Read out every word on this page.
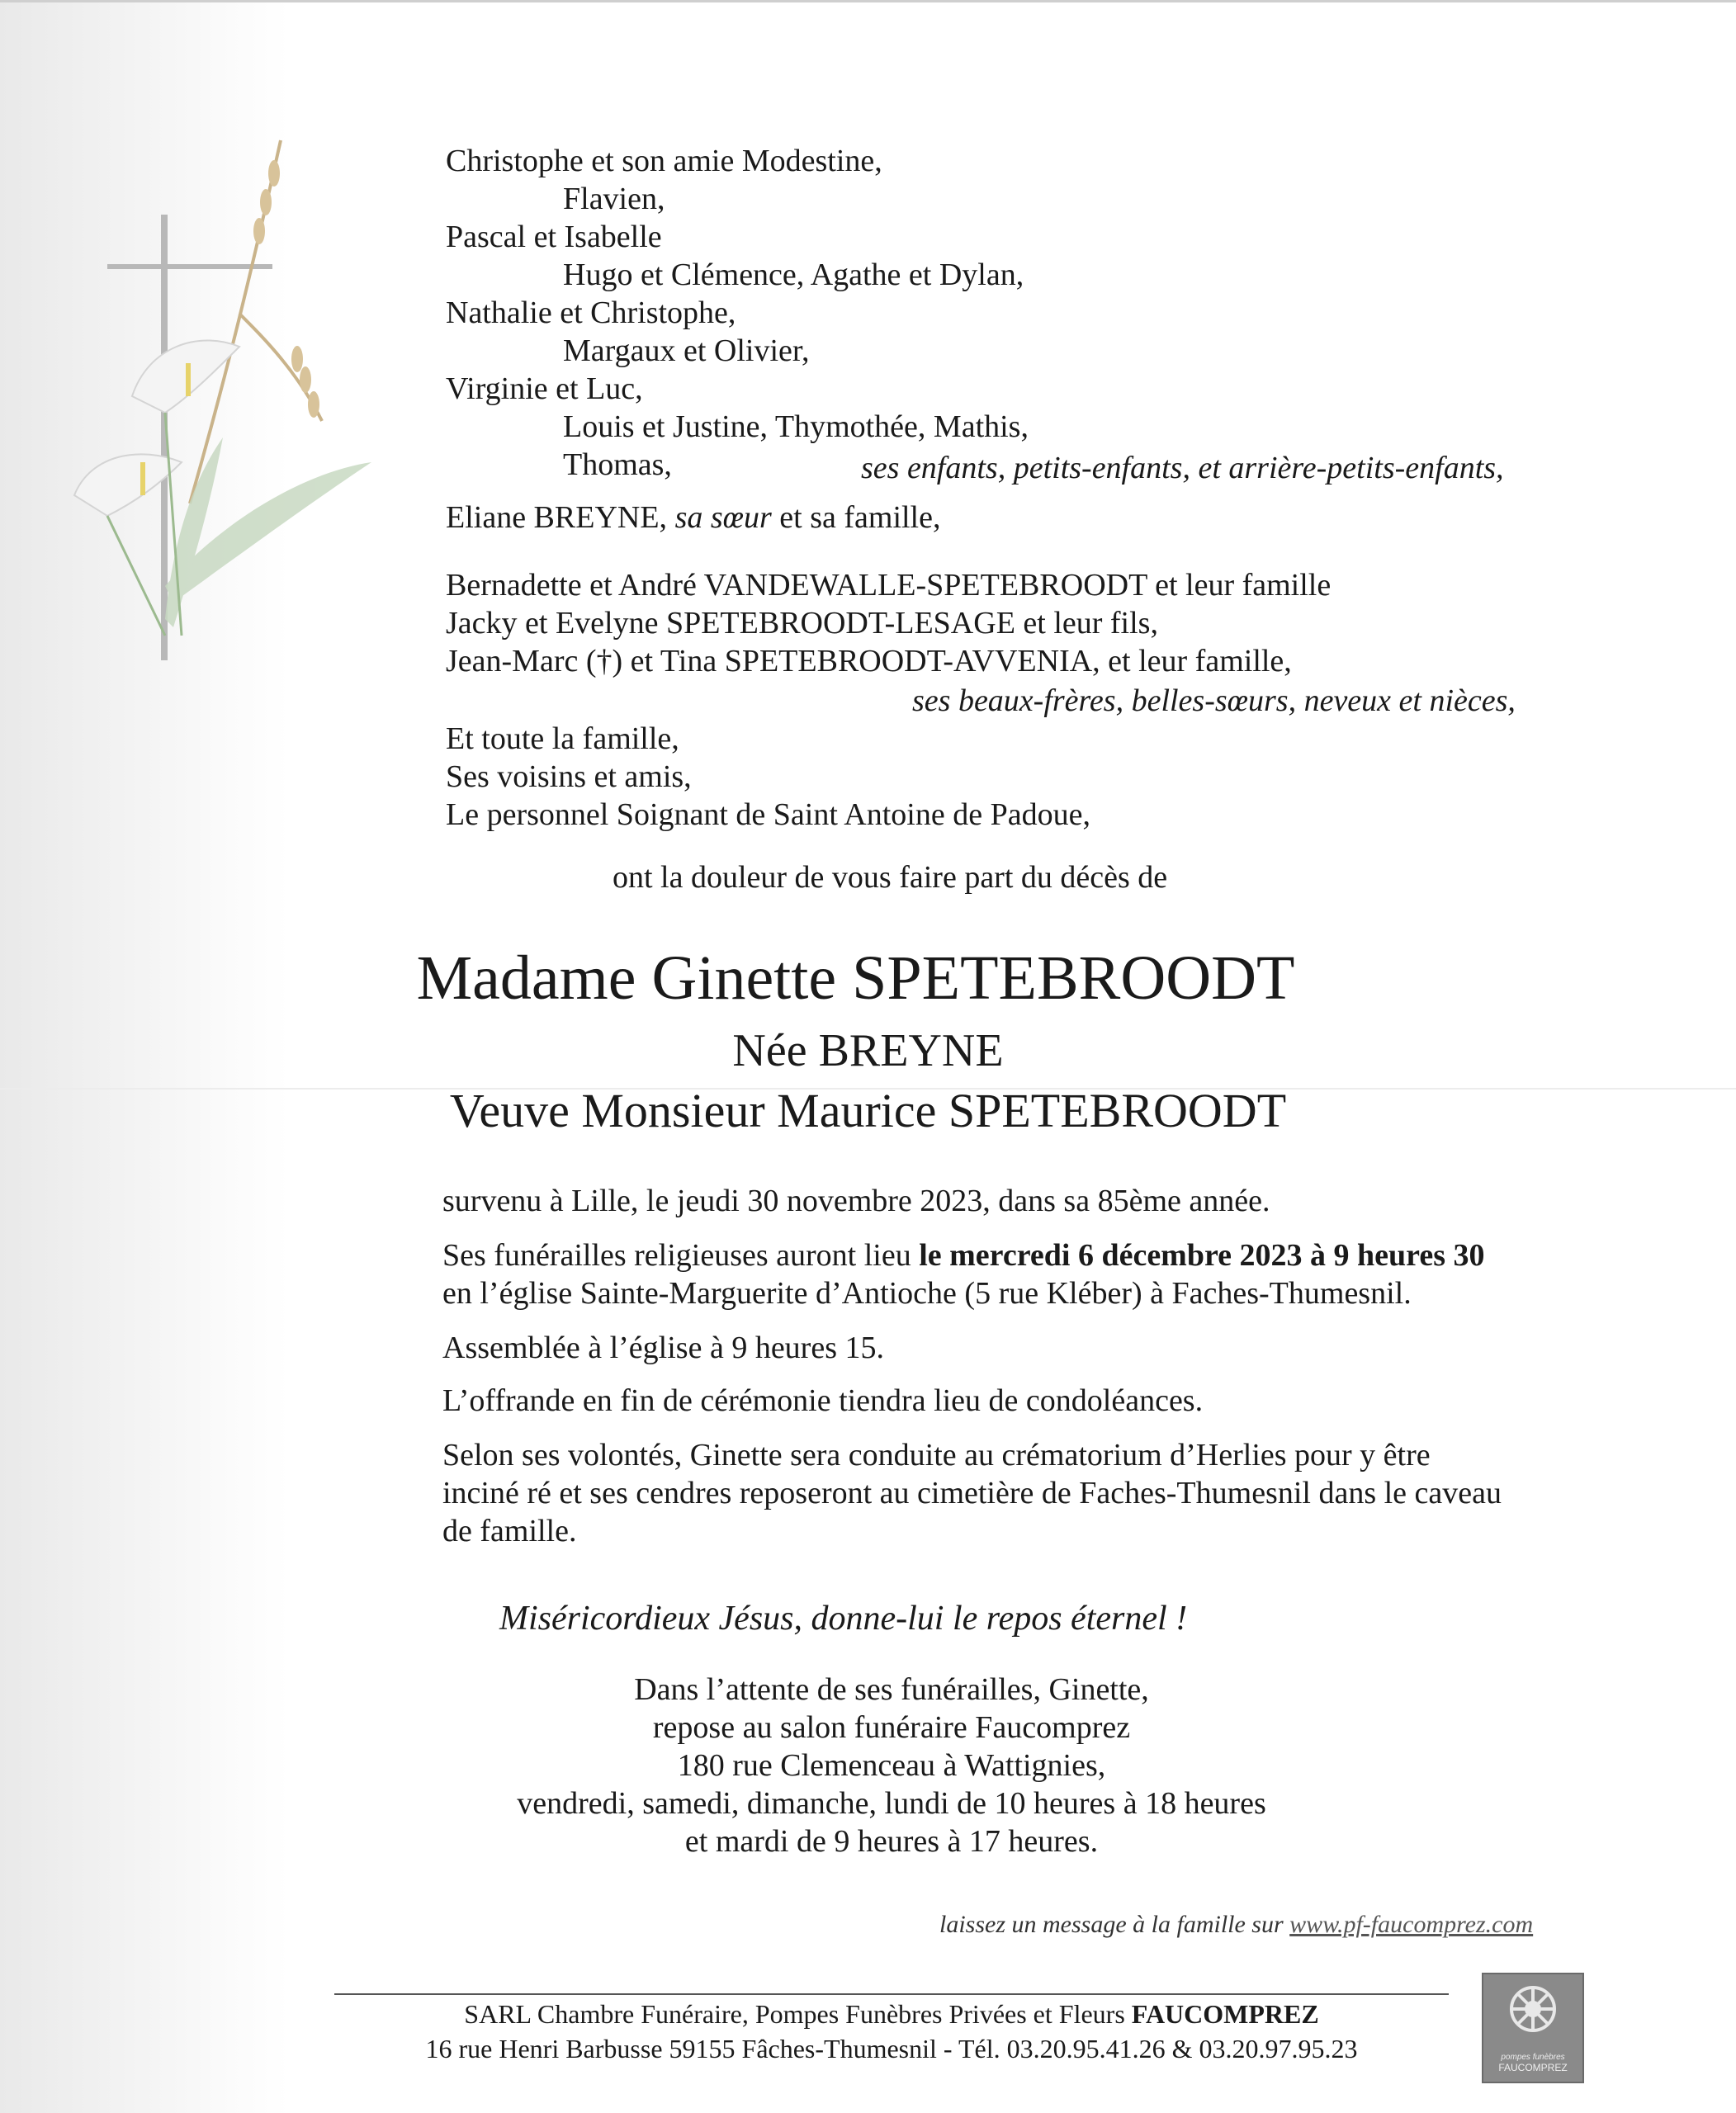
Christophe et son amie Modestine,
Flavien,
Pascal et Isabelle
Hugo et Clémence, Agathe et Dylan,
Nathalie et Christophe,
Margaux et Olivier,
Virginie et Luc,
Louis et Justine, Thymothée, Mathis,
Thomas,	ses enfants, petits-enfants, et arrière-petits-enfants,
Eliane BREYNE, sa sœur et sa famille,
Bernadette et André VANDEWALLE-SPETEBROODT et leur famille
Jacky et Evelyne SPETEBROODT-LESAGE et leur fils,
Jean-Marc (†) et Tina SPETEBROODT-AVVENIA, et leur famille,
ses beaux-frères, belles-sœurs, neveux et nièces,
Et toute la famille,
Ses voisins et amis,
Le personnel Soignant de Saint Antoine de Padoue,
ont la douleur de vous faire part du décès de
Madame Ginette SPETEBROODT
Née BREYNE
Veuve Monsieur Maurice SPETEBROODT
survenu à Lille, le jeudi 30 novembre 2023, dans sa 85ème année.
Ses funérailles religieuses auront lieu le mercredi 6 décembre 2023 à 9 heures 30
en l’église Sainte-Marguerite d’Antioche (5 rue Kléber) à Faches-Thumesnil.
Assemblée à l’église à 9 heures 15.
L’offrande en fin de cérémonie tiendra lieu de condoléances.
Selon ses volontés, Ginette sera conduite au crématorium d’Herlies pour y être
inciné ré et ses cendres reposeront au cimetière de Faches-Thumesnil dans le caveau
de famille.
Miséricordieux Jésus, donne-lui le repos éternel !
Dans l’attente de ses funérailles, Ginette,
repose au salon funéraire Faucomprez
180 rue Clemenceau à Wattignies,
vendredi, samedi, dimanche, lundi de 10 heures à 18 heures
et mardi de 9 heures à 17 heures.
laissez un message à la famille sur www.pf-faucomprez.com
SARL Chambre Funéraire, Pompes Funèbres Privées et Fleurs FAUCOMPREZ
16 rue Henri Barbusse 59155 Fâches-Thumesnil - Tél. 03.20.95.41.26 & 03.20.97.95.23	pompes funèbres
FAUCOMPREZ
